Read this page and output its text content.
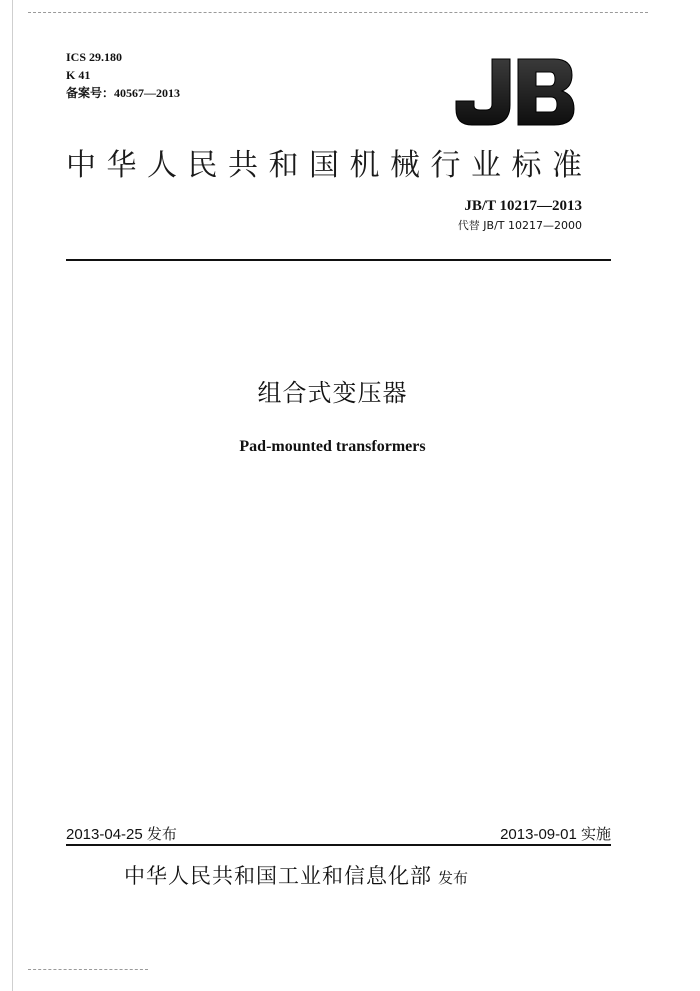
ICS 29.180
K 41
备案号：40567—2013
中华人民共和国机械行业标准
JB/T 10217—2013
代替 JB/T 10217—2000
组合式变压器
Pad-mounted transformers
2013-04-25 发布	2013-09-01 实施
中华人民共和国工业和信息化部 发布
